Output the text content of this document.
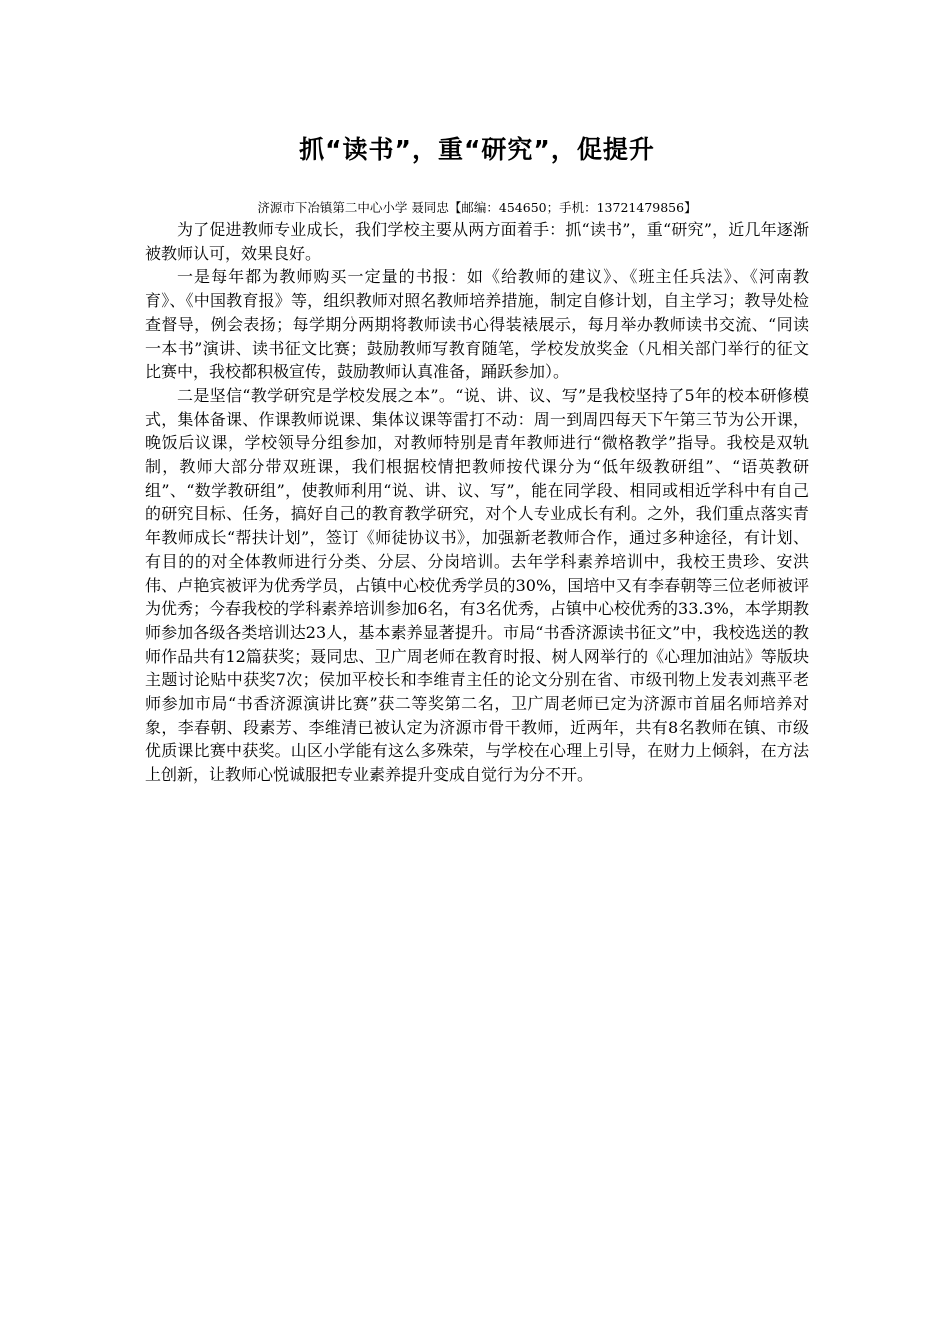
抓“读书”，重“研究”，促提升

济源市下冶镇第二中心小学 聂同忠【邮编：454650；手机：13721479856】

为了促进教师专业成长，我们学校主要从两方面着手：抓“读书”，重“研究”，近几年逐渐被教师认可，效果良好。

一是每年都为教师购买一定量的书报：如《给教师的建议》、《班主任兵法》、《河南教育》、《中国教育报》等，组织教师对照名教师培养措施，制定自修计划，自主学习；教导处检查督导，例会表扬；每学期分两期将教师读书心得装裱展示，每月举办教师读书交流、“同读一本书”演讲、读书征文比赛；鼓励教师写教育随笔，学校发放奖金（凡相关部门举行的征文比赛中，我校都积极宣传，鼓励教师认真准备，踊跃参加）。

二是坚信“教学研究是学校发展之本”。“说、讲、议、写”是我校坚持了5年的校本研修模式，集体备课、作课教师说课、集体议课等雷打不动：周一到周四每天下午第三节为公开课，晚饭后议课，学校领导分组参加，对教师特别是青年教师进行“微格教学”指导。我校是双轨制，教师大部分带双班课，我们根据校情把教师按代课分为“低年级教研组”、“语英教研组”、“数学教研组”，使教师利用“说、讲、议、写”，能在同学段、相同或相近学科中有自己的研究目标、任务，搞好自己的教育教学研究，对个人专业成长有利。之外，我们重点落实青年教师成长“帮扶计划”，签订《师徒协议书》，加强新老教师合作，通过多种途径，有计划、有目的的对全体教师进行分类、分层、分岗培训。去年学科素养培训中，我校王贵珍、安洪伟、卢艳宾被评为优秀学员，占镇中心校优秀学员的30%，国培中又有李春朝等三位老师被评为优秀；今春我校的学科素养培训参加6名，有3名优秀，占镇中心校优秀的33.3%，本学期教师参加各级各类培训达23人，基本素养显著提升。市局“书香济源读书征文”中，我校选送的教师作品共有12篇获奖；聂同忠、卫广周老师在教育时报、树人网举行的《心理加油站》等版块主题讨论贴中获奖7次；侯加平校长和李维青主任的论文分别在省、市级刊物上发表刘燕平老师参加市局“书香济源演讲比赛”获二等奖第二名，卫广周老师已定为济源市首届名师培养对象，李春朝、段素芳、李维清已被认定为济源市骨干教师，近两年，共有8名教师在镇、市级优质课比赛中获奖。山区小学能有这么多殊荣，与学校在心理上引导，在财力上倾斜，在方法上创新，让教师心悦诚服把专业素养提升变成自觉行为分不开。
